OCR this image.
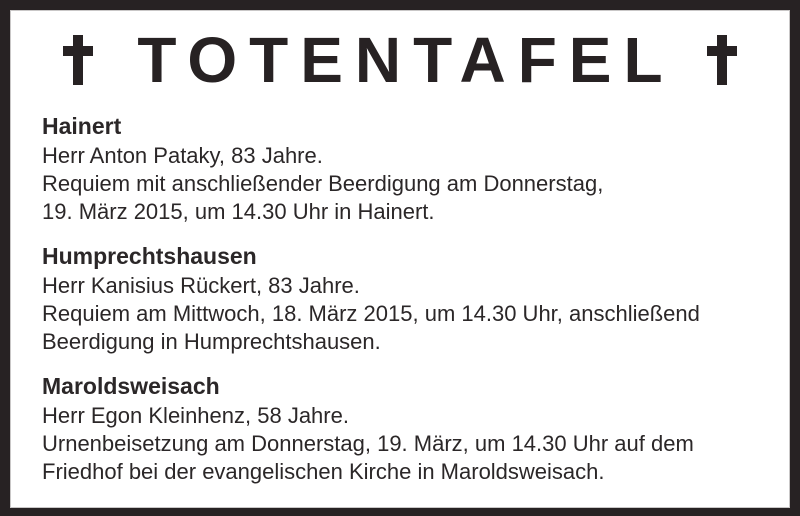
TOTENTAFEL
Hainert

Herr Anton Pataky, 83 Jahre.

Requiem mit anschließender Beerdigung am Donnerstag,

19. März 2015, um 14.30 Uhr in Hainert.

Humprechtshausen

Herr Kanisius Rückert, 83 Jahre.

Requiem am Mittwoch, 18. März 2015, um 14.30 Uhr, anschließend

Beerdigung in Humprechtshausen.

Maroldsweisach

Herr Egon Kleinhenz, 58 Jahre.

Urnenbeisetzung am Donnerstag, 19. März, um 14.30 Uhr auf dem

Friedhof bei der evangelischen Kirche in Maroldsweisach.
